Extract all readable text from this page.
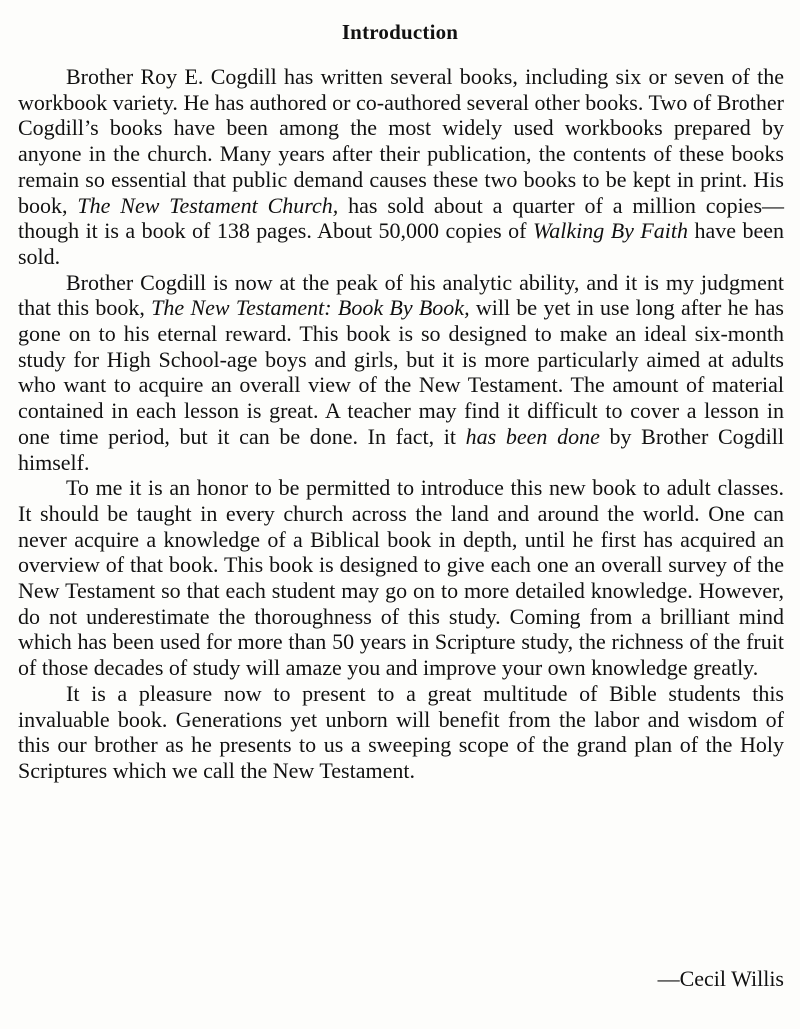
Introduction

Brother Roy E. Cogdill has written several books, including six or seven of the workbook variety. He has authored or co-authored several other books. Two of Brother Cogdill’s books have been among the most widely used workbooks prepared by anyone in the church. Many years after their publication, the contents of these books remain so essential that public demand causes these two books to be kept in print. His book, The New Testament Church, has sold about a quarter of a million copies—though it is a book of 138 pages. About 50,000 copies of Walking By Faith have been sold.

Brother Cogdill is now at the peak of his analytic ability, and it is my judgment that this book, The New Testament: Book By Book, will be yet in use long after he has gone on to his eternal reward. This book is so designed to make an ideal six-month study for High School-age boys and girls, but it is more particularly aimed at adults who want to acquire an overall view of the New Testament. The amount of material contained in each lesson is great. A teacher may find it difficult to cover a lesson in one time period, but it can be done. In fact, it has been done by Brother Cogdill himself.

To me it is an honor to be permitted to introduce this new book to adult classes. It should be taught in every church across the land and around the world. One can never acquire a knowledge of a Biblical book in depth, until he first has acquired an overview of that book. This book is designed to give each one an overall survey of the New Testament so that each student may go on to more detailed knowledge. However, do not underestimate the thoroughness of this study. Coming from a brilliant mind which has been used for more than 50 years in Scripture study, the richness of the fruit of those decades of study will amaze you and improve your own knowledge greatly.

It is a pleasure now to present to a great multitude of Bible students this invaluable book. Generations yet unborn will benefit from the labor and wisdom of this our brother as he presents to us a sweeping scope of the grand plan of the Holy Scriptures which we call the New Testament.

—Cecil Willis
